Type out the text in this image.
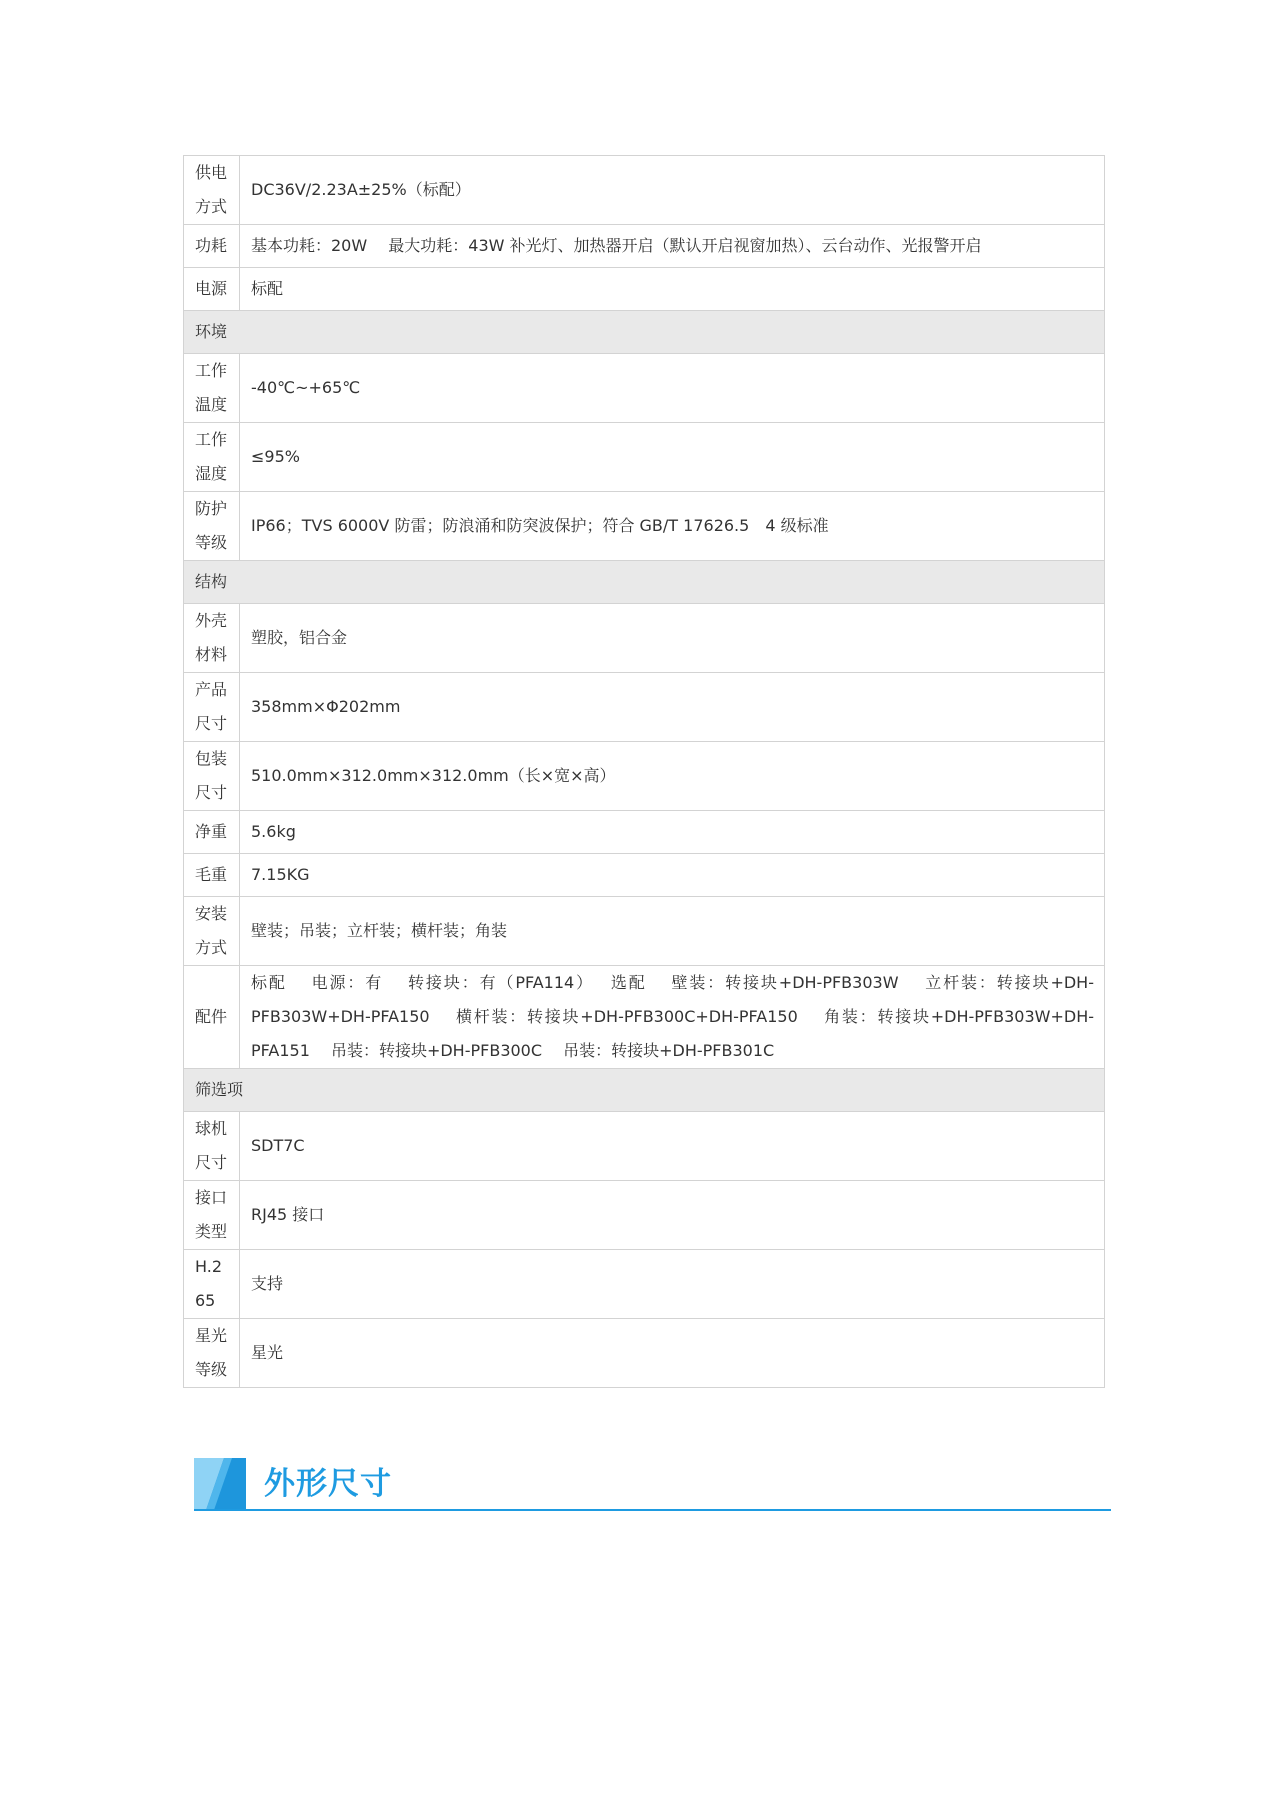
供电方式	DC36V/2.23A±25%（标配）
功耗	基本功耗：20W　 最大功耗：43W 补光灯、加热器开启（默认开启视窗加热）、云台动作、光报警开启
电源	标配
环境	
工作温度	-40℃~+65℃
工作湿度	≤95%
防护等级	IP66；TVS 6000V 防雷；防浪涌和防突波保护；符合 GB/T 17626.5　4 级标准
结构	
外壳材料	塑胶，铝合金
产品尺寸	358mm×Φ202mm
包装尺寸	510.0mm×312.0mm×312.0mm（长×宽×高）
净重	5.6kg
毛重	7.15KG
安装方式	壁装；吊装；立杆装；横杆装；角装
配件	标配　 电源：有　 转接块：有（PFA114）　 选配　 壁装：转接块+DH-PFB303W　 立杆装：转接块+DH-PFB303W+DH-PFA150　 横杆装：转接块+DH-PFB300C+DH-PFA150　 角装：转接块+DH-PFB303W+DH-PFA151　 吊装：转接块+DH-PFB300C　 吊装：转接块+DH-PFB301C
筛选项	
球机尺寸	SDT7C
接口类型	RJ45 接口
H.265	支持
星光等级	星光
外形尺寸
